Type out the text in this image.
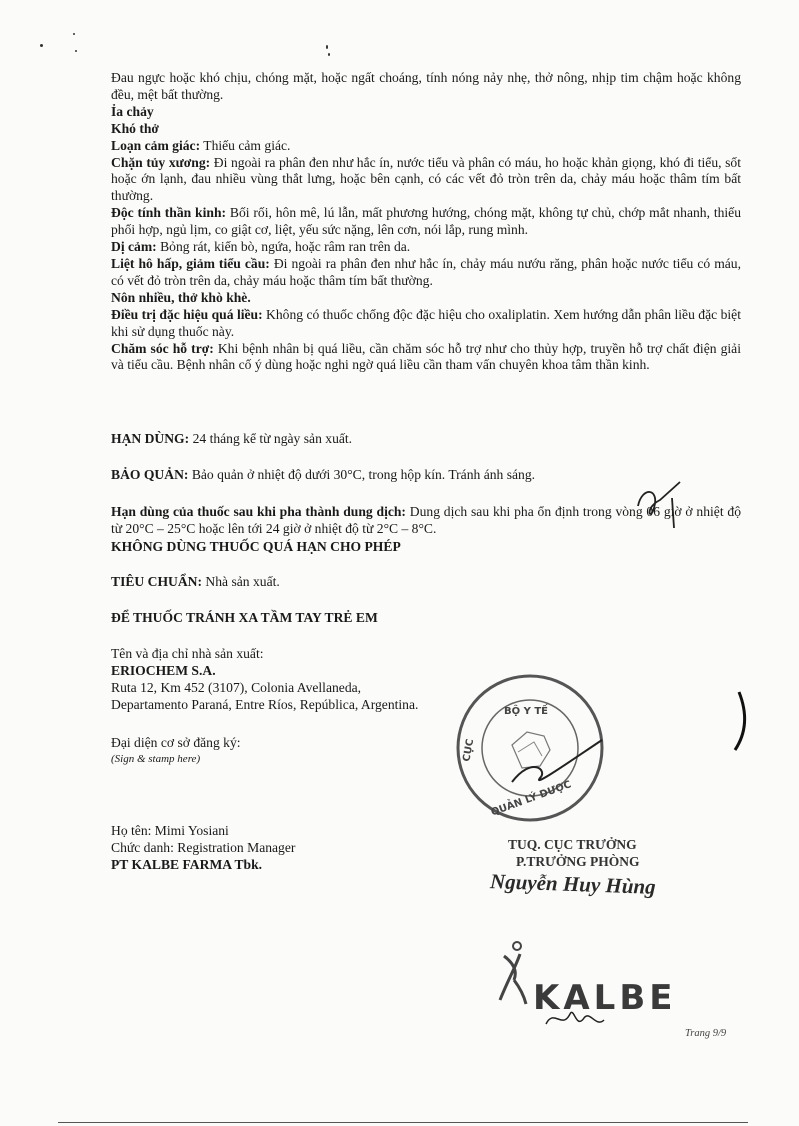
Đau ngực hoặc khó chịu, chóng mặt, hoặc ngất choáng, tính nóng nảy nhẹ, thở nông, nhịp tim chậm hoặc không đều, mệt bất thường.

Ỉa chảy

Khó thở

Loạn cảm giác: Thiếu cảm giác.

Chặn tủy xương: Đi ngoài ra phân đen như hắc ín, nước tiểu và phân có máu, ho hoặc khản giọng, khó đi tiểu, sốt hoặc ớn lạnh, đau nhiều vùng thắt lưng, hoặc bên cạnh, có các vết đỏ tròn trên da, chảy máu hoặc thâm tím bất thường.

Độc tính thần kinh: Bối rối, hôn mê, lú lẫn, mất phương hướng, chóng mặt, không tự chủ, chớp mắt nhanh, thiếu phối hợp, ngủ lịm, co giật cơ, liệt, yếu sức nặng, lên cơn, nói lắp, rung mình.

Dị cảm: Bỏng rát, kiến bò, ngứa, hoặc râm ran trên da.

Liệt hô hấp, giảm tiểu cầu: Đi ngoài ra phân đen như hắc ín, chảy máu nướu răng, phân hoặc nước tiểu có máu, có vết đỏ tròn trên da, chảy máu hoặc thâm tím bất thường.

Nôn nhiều, thở khò khè.

Điều trị đặc hiệu quá liều: Không có thuốc chống độc đặc hiệu cho oxaliplatin. Xem hướng dẫn phân liều đặc biệt khi sử dụng thuốc này.

Chăm sóc hỗ trợ: Khi bệnh nhân bị quá liều, cần chăm sóc hỗ trợ như cho thủy hợp, truyền hỗ trợ chất điện giải và tiểu cầu. Bệnh nhân cố ý dùng hoặc nghi ngờ quá liều cần tham vấn chuyên khoa tâm thần kinh.

HẠN DÙNG: 24 tháng kể từ ngày sản xuất.
BẢO QUẢN: Bảo quản ở nhiệt độ dưới 30°C, trong hộp kín. Tránh ánh sáng.
Hạn dùng của thuốc sau khi pha thành dung dịch: Dung dịch sau khi pha ổn định trong vòng 06 giờ ở nhiệt độ từ 20°C – 25°C hoặc lên tới 24 giờ ở nhiệt độ từ 2°C – 8°C.
KHÔNG DÙNG THUỐC QUÁ HẠN CHO PHÉP
TIÊU CHUẨN: Nhà sản xuất.
ĐỂ THUỐC TRÁNH XA TẦM TAY TRẺ EM
Tên và địa chỉ nhà sản xuất:
ERIOCHEM S.A.
Ruta 12, Km 452 (3107), Colonia Avellaneda,
Departamento Paraná, Entre Ríos, República, Argentina.
Đại diện cơ sở đăng ký:
(Sign & stamp here)
Họ tên: Mimi Yosiani
Chức danh: Registration Manager
PT KALBE FARMA Tbk.
BỘ Y TẾ
CỤC
QUẢN LÝ DƯỢC
TUQ. CỤC TRƯỞNG
P.TRƯỞNG PHÒNG
Nguyễn Huy Hùng
KALBE
Trang 9/9
